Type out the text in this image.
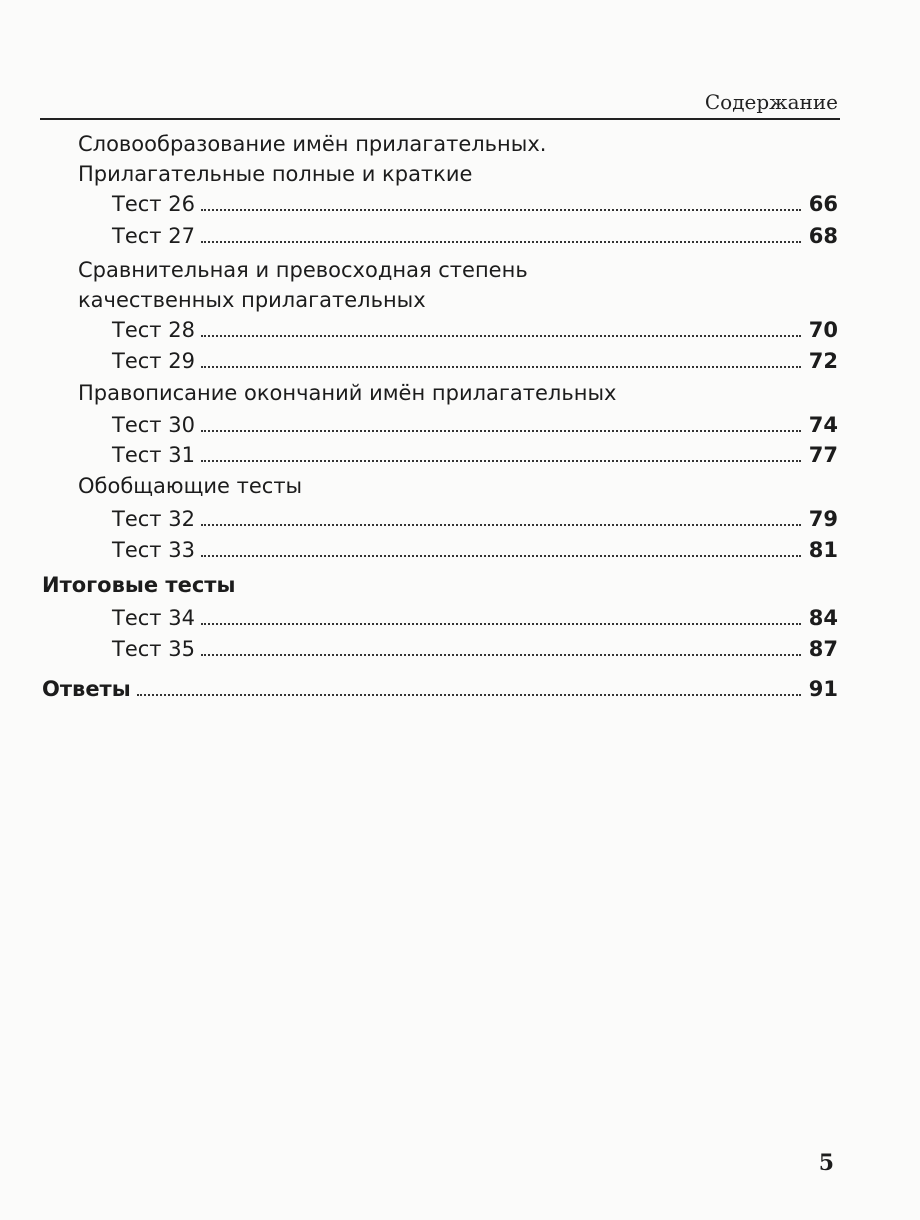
Содержание
Словообразование имён прилагательных.
Прилагательные полные и краткие
Тест 26	66
Тест 27	68
Сравнительная и превосходная степень
качественных прилагательных
Тест 28	70
Тест 29	72
Правописание окончаний имён прилагательных
Тест 30	74
Тест 31	77
Обобщающие тесты
Тест 32	79
Тест 33	81
Итоговые тесты
Тест 34	84
Тест 35	87
Ответы	91
5
